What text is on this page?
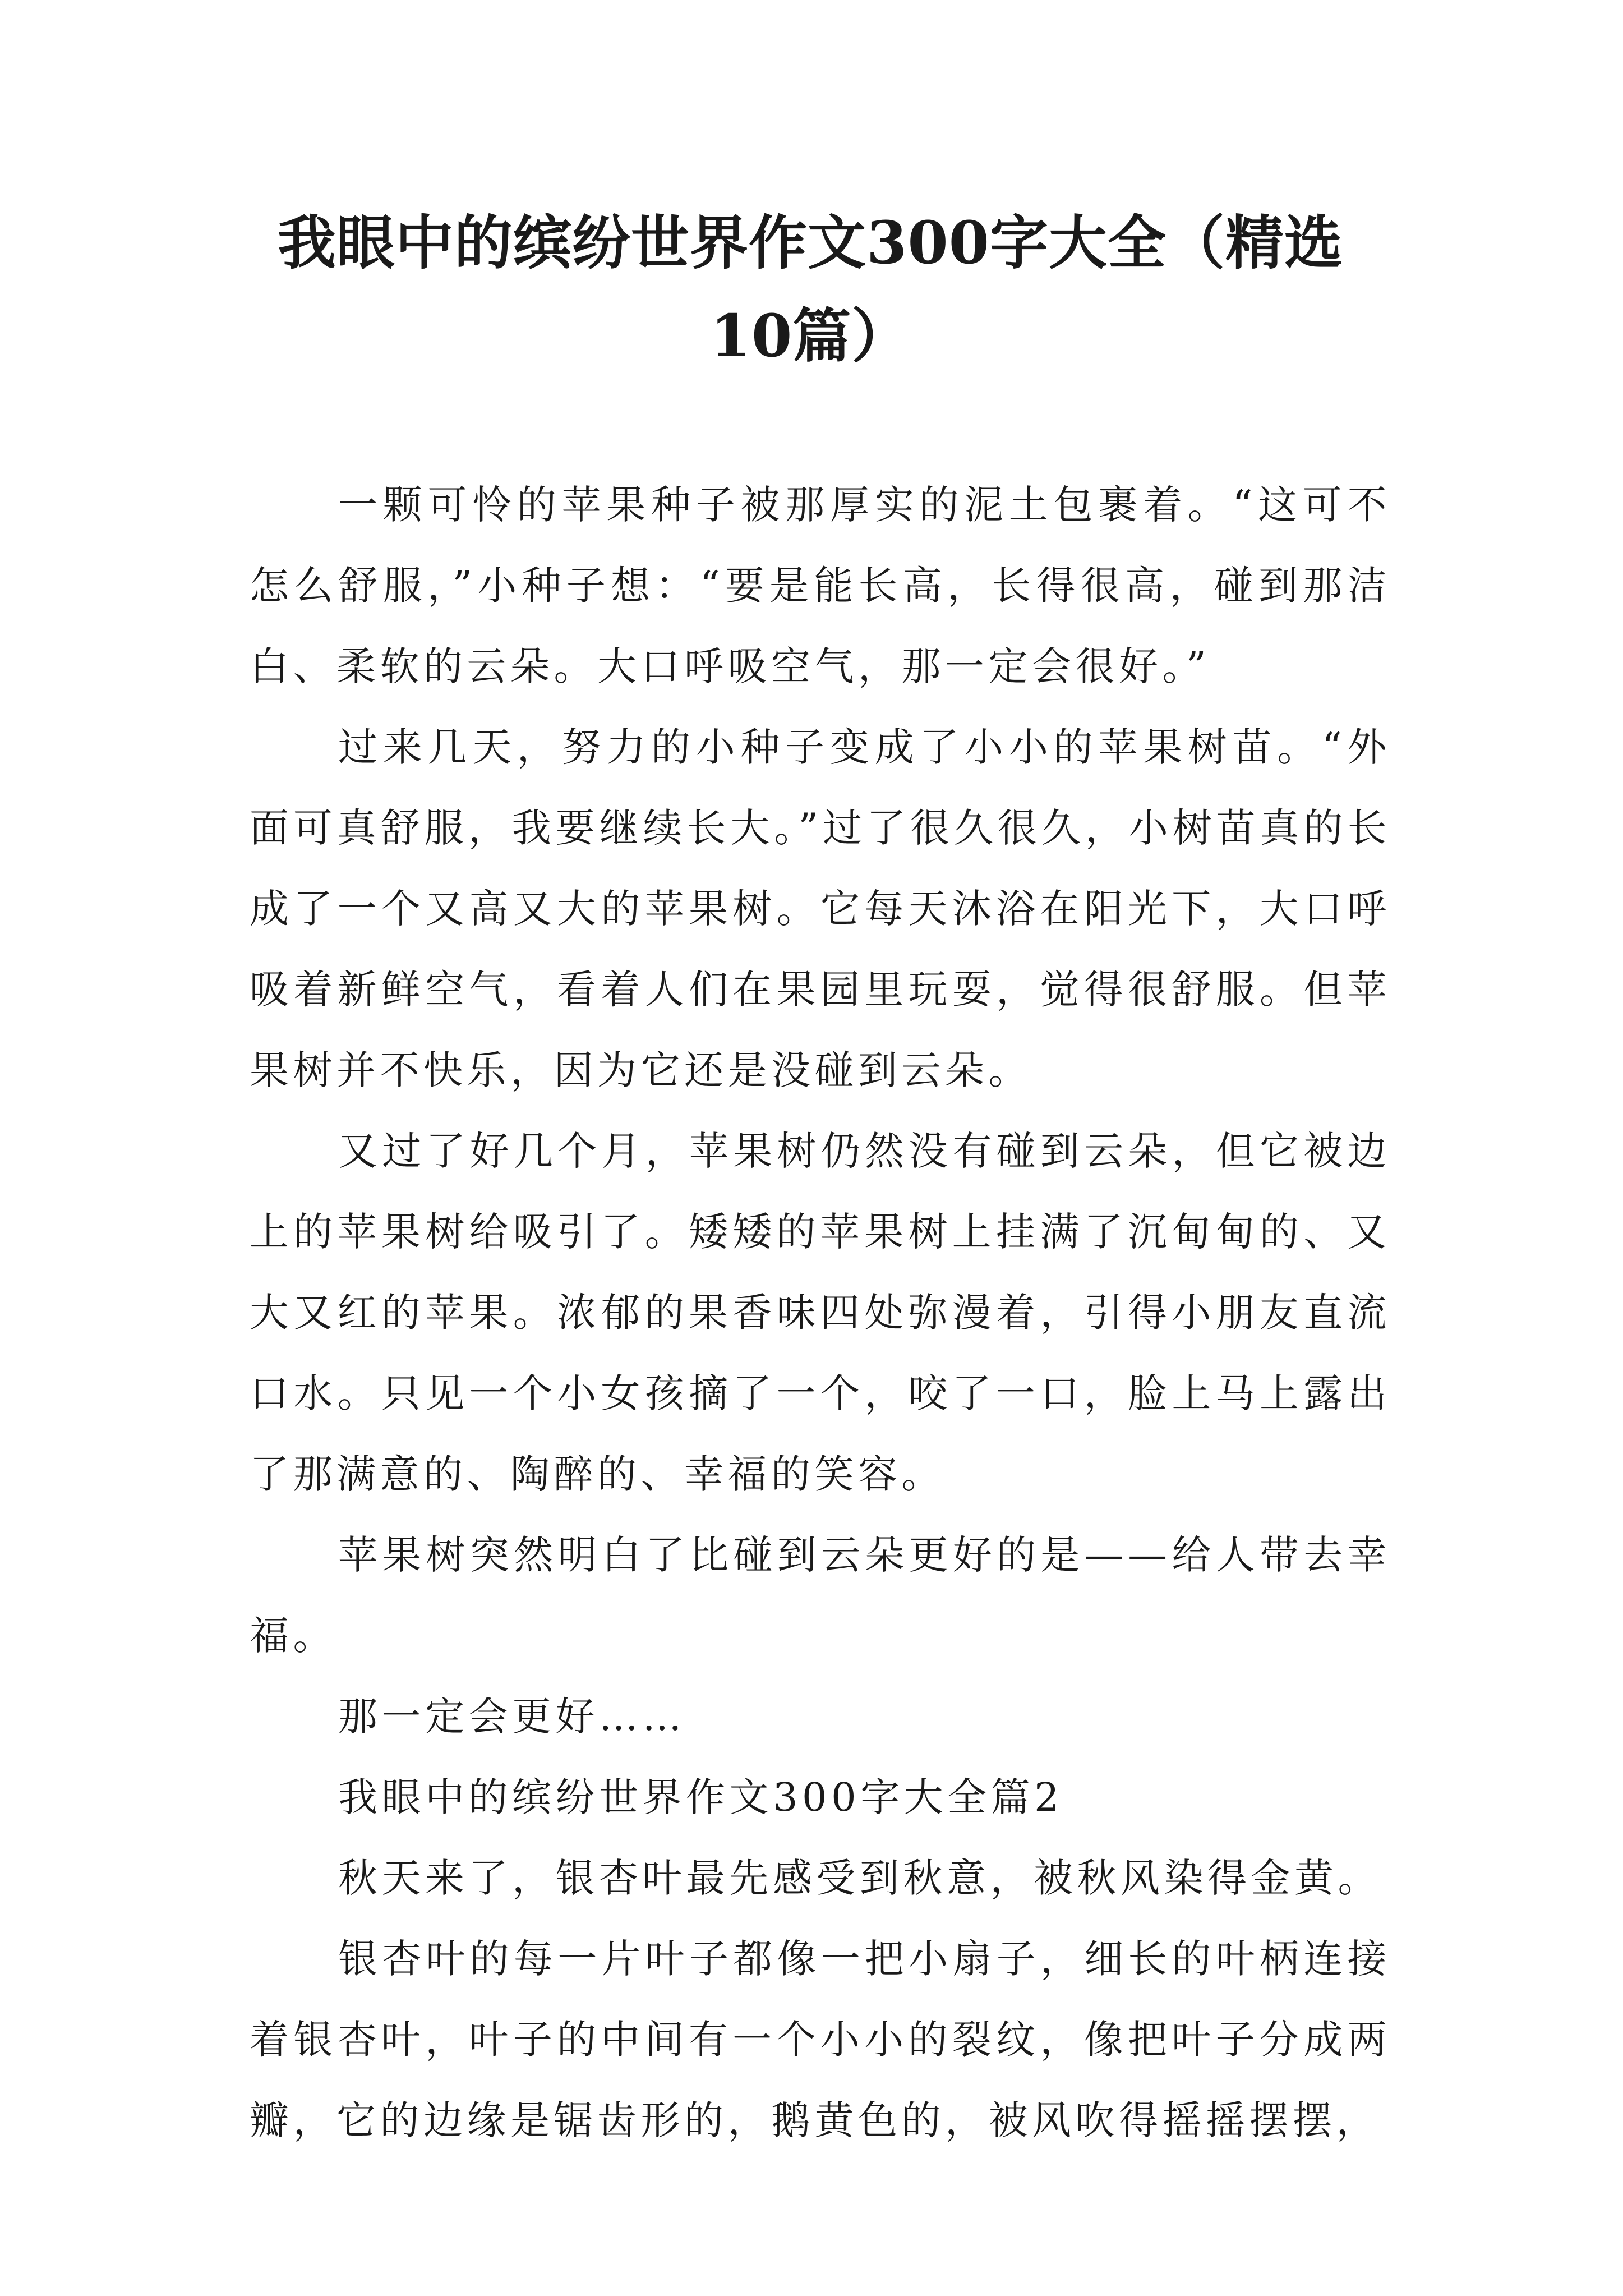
我眼中的缤纷世界作文300字大全（精选10篇）

一颗可怜的苹果种子被那厚实的泥土包裹着。“这可不怎么舒服，”小种子想：“要是能长高，长得很高，碰到那洁白、柔软的云朵。大口呼吸空气，那一定会很好。”

过来几天，努力的小种子变成了小小的苹果树苗。“外面可真舒服，我要继续长大。”过了很久很久，小树苗真的长成了一个又高又大的苹果树。它每天沐浴在阳光下，大口呼吸着新鲜空气，看着人们在果园里玩耍，觉得很舒服。但苹果树并不快乐，因为它还是没碰到云朵。

又过了好几个月，苹果树仍然没有碰到云朵，但它被边上的苹果树给吸引了。矮矮的苹果树上挂满了沉甸甸的、又大又红的苹果。浓郁的果香味四处弥漫着，引得小朋友直流口水。只见一个小女孩摘了一个，咬了一口，脸上马上露出了那满意的、陶醉的、幸福的笑容。

苹果树突然明白了比碰到云朵更好的是——给人带去幸福。

那一定会更好……

我眼中的缤纷世界作文300字大全篇2

秋天来了，银杏叶最先感受到秋意，被秋风染得金黄。

银杏叶的每一片叶子都像一把小扇子，细长的叶柄连接着银杏叶，叶子的中间有一个小小的裂纹，像把叶子分成两瓣，它的边缘是锯齿形的，鹅黄色的，被风吹得摇摇摆摆，
